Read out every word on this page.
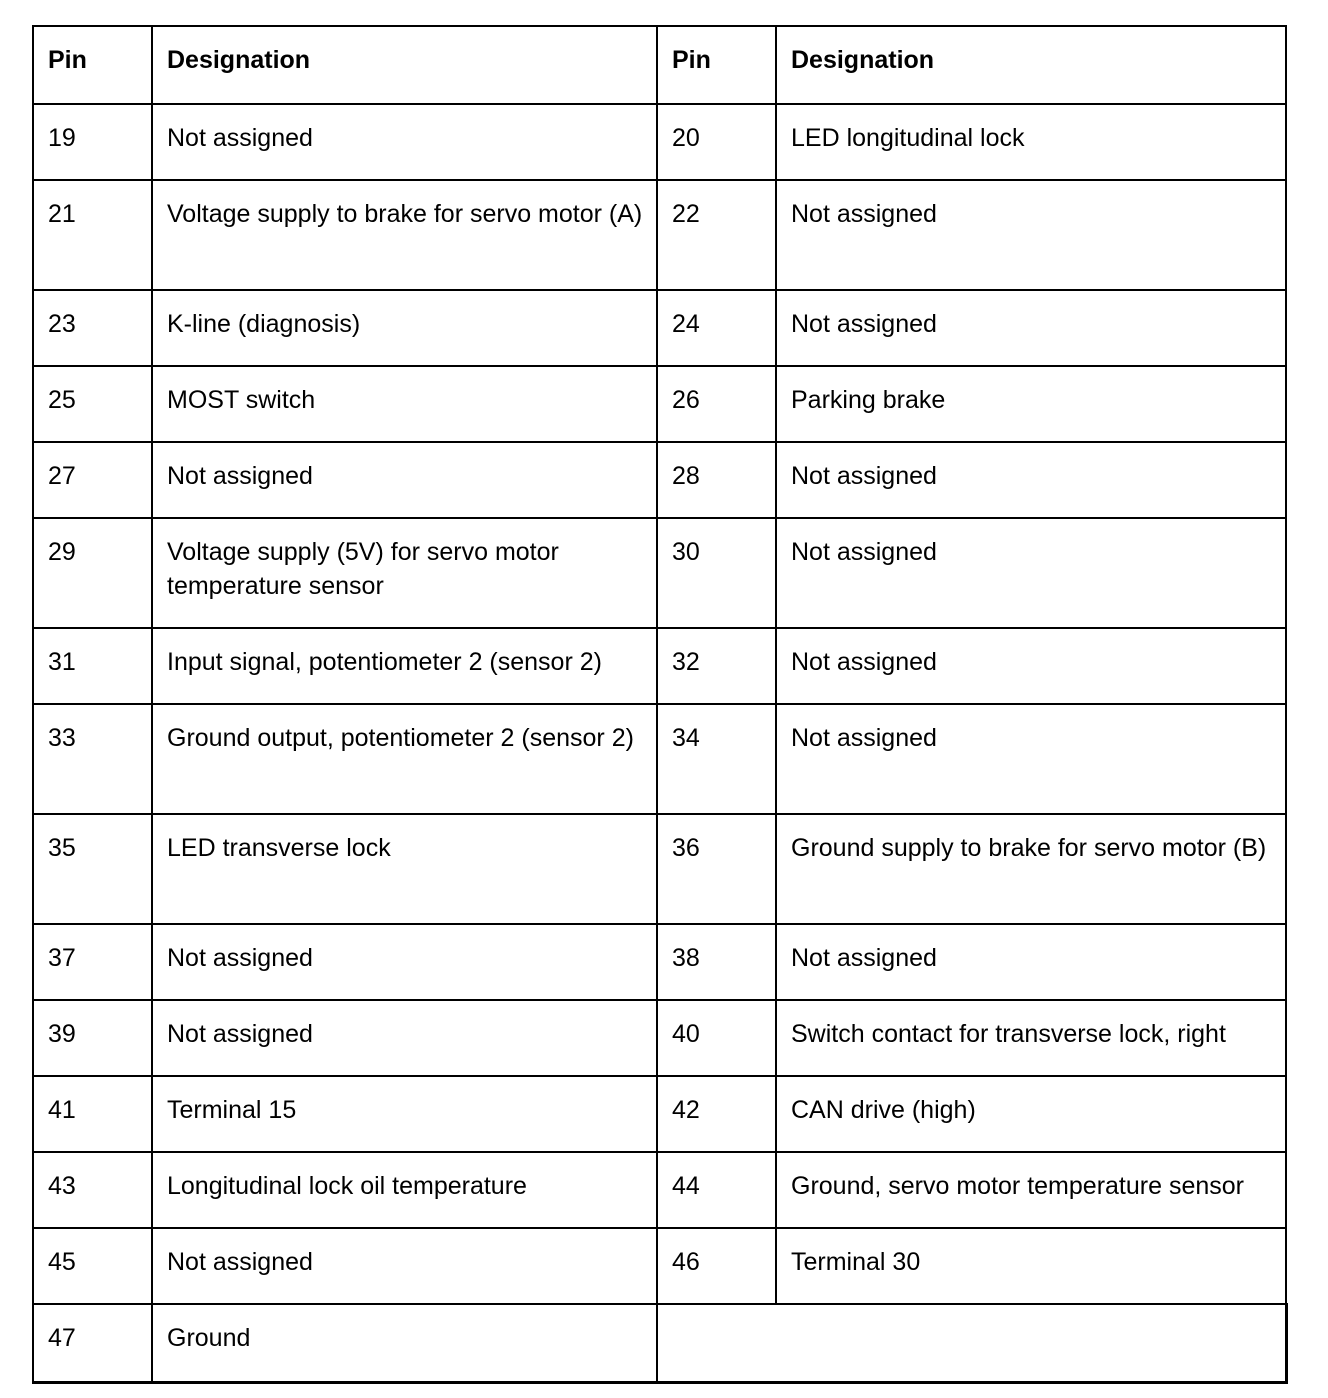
Pin	Designation	Pin	Designation
19	Not assigned	20	LED longitudinal lock
21	Voltage supply to brake for servo motor (A)	22	Not assigned
23	K-line (diagnosis)	24	Not assigned
25	MOST switch	26	Parking brake
27	Not assigned	28	Not assigned
29	Voltage supply (5V) for servo motor temperature sensor	30	Not assigned
31	Input signal, potentiometer 2 (sensor 2)	32	Not assigned
33	Ground output, potentiometer 2 (sensor 2)	34	Not assigned
35	LED transverse lock	36	Ground supply to brake for servo motor (B)
37	Not assigned	38	Not assigned
39	Not assigned	40	Switch contact for transverse lock, right
41	Terminal 15	42	CAN drive (high)
43	Longitudinal lock oil temperature	44	Ground, servo motor temperature sensor
45	Not assigned	46	Terminal 30
47	Ground		
